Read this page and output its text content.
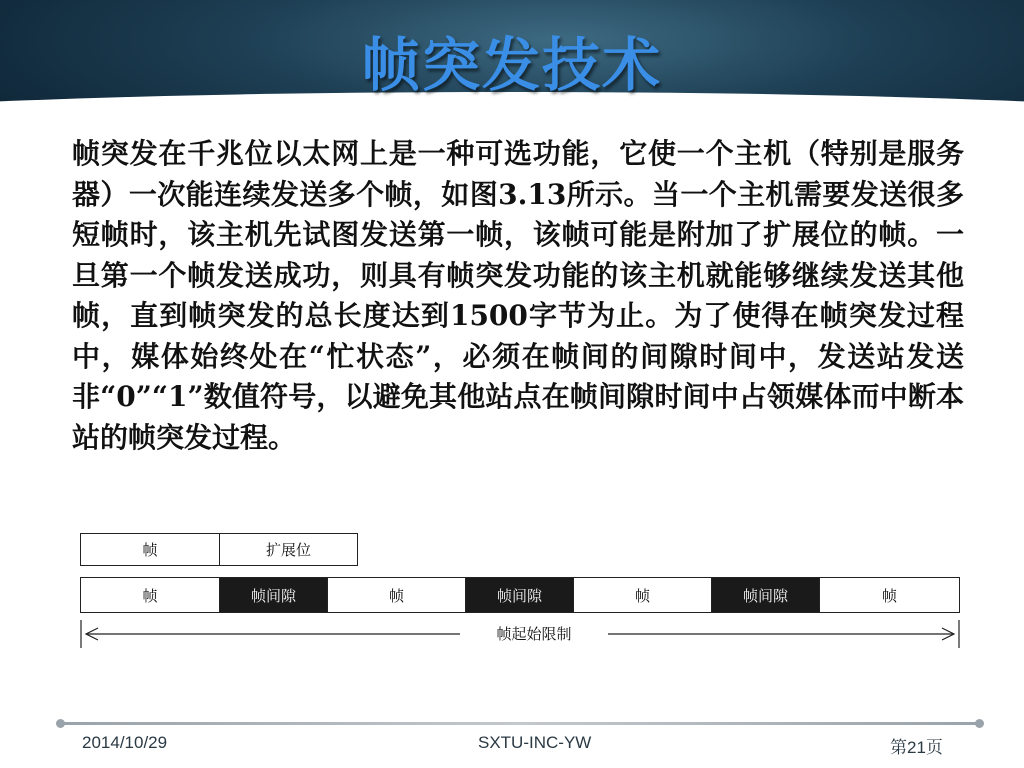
帧突发技术
帧突发在千兆位以太网上是一种可选功能，它使一个主机（特别是服务器）一次能连续发送多个帧，如图3.13所示。当一个主机需要发送很多短帧时，该主机先试图发送第一帧，该帧可能是附加了扩展位的帧。一旦第一个帧发送成功，则具有帧突发功能的该主机就能够继续发送其他帧，直到帧突发的总长度达到1500字节为止。为了使得在帧突发过程中，媒体始终处在“忙状态”，必须在帧间的间隙时间中，发送站发送非“0”“1”数值符号，以避免其他站点在帧间隙时间中占领媒体而中断本站的帧突发过程。
帧	扩展位
帧	帧间隙	帧	帧间隙	帧	帧间隙	帧
帧起始限制
2014/10/29	SXTU-INC-YW	第21页
